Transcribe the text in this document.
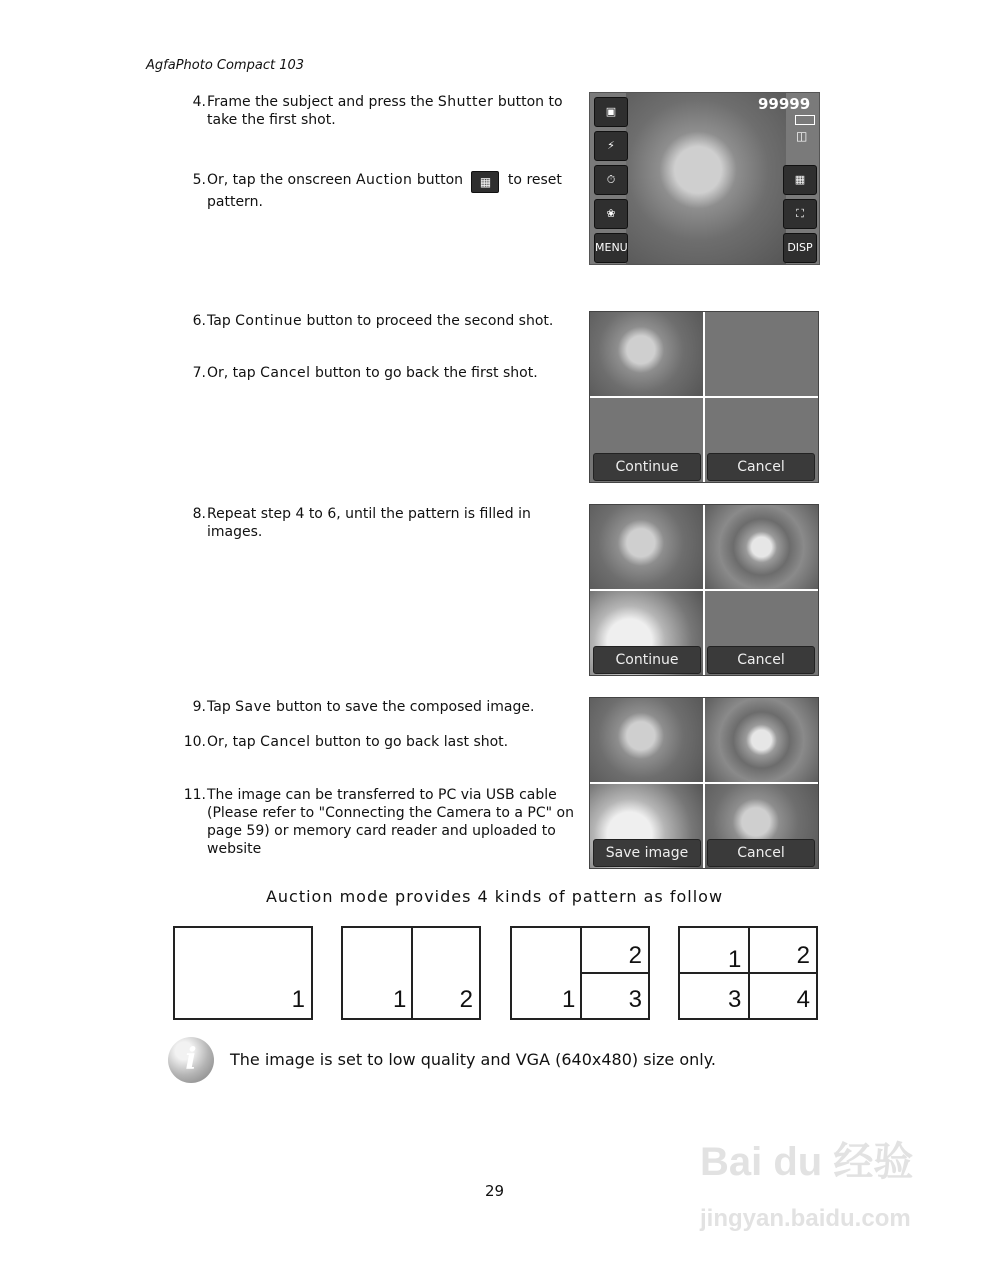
AgfaPhoto Compact 103
4. Frame the subject and press the Shutter button to take the first shot.
5. Or, tap the onscreen Auction button ▦ to reset pattern.
▣
⚡
⏱
❀
MENU
99999
◫
▦
⛶
DISP
6. Tap Continue button to proceed the second shot.
7. Or, tap Cancel button to go back the first shot.
Continue	Cancel
8. Repeat step 4 to 6, until the pattern is filled in images.
Continue	Cancel
9. Tap Save button to save the composed image.
10. Or, tap Cancel button to go back last shot.
11. The image can be transferred to PC via USB cable (Please refer to "Connecting the Camera to a PC" on page 59) or memory card reader and uploaded to website	Save image	Cancel
Auction mode provides 4 kinds of pattern as follow
1	1 2	1
2
3
1 2
3 4
i	The image is set to low quality and VGA (640x480) size only.
29
Bai du 经验
jingyan.baidu.com
